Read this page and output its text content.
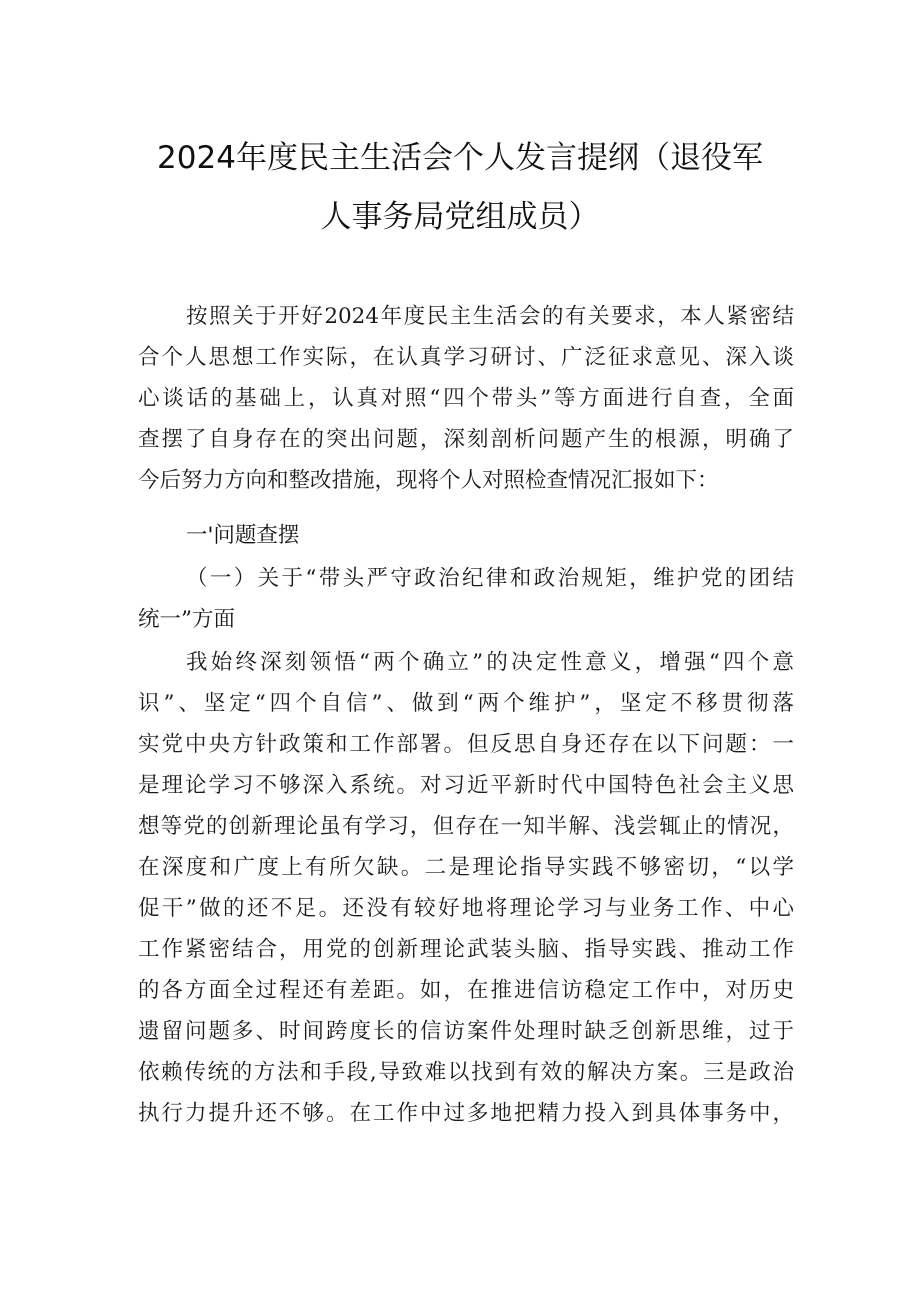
2024年度民主生活会个人发言提纲（退役军
人事务局党组成员）
按照关于开好2024年度民主生活会的有关要求，本人紧密结
合个人思想工作实际，在认真学习研讨、广泛征求意见、深入谈
心谈话的基础上，认真对照“四个带头”等方面进行自查，全面
查摆了自身存在的突出问题，深刻剖析问题产生的根源，明确了
今后努力方向和整改措施，现将个人对照检查情况汇报如下：
一'问题查摆
（一）关于“带头严守政治纪律和政治规矩，维护党的团结
统一”方面
我始终深刻领悟“两个确立”的决定性意义，增强“四个意
识”、坚定“四个自信”、做到“两个维护”，坚定不移贯彻落
实党中央方针政策和工作部署。但反思自身还存在以下问题：一
是理论学习不够深入系统。对习近平新时代中国特色社会主义思
想等党的创新理论虽有学习，但存在一知半解、浅尝辄止的情况，
在深度和广度上有所欠缺。二是理论指导实践不够密切，“以学
促干”做的还不足。还没有较好地将理论学习与业务工作、中心
工作紧密结合，用党的创新理论武装头脑、指导实践、推动工作
的各方面全过程还有差距。如，在推进信访稳定工作中，对历史
遗留问题多、时间跨度长的信访案件处理时缺乏创新思维，过于
依赖传统的方法和手段,导致难以找到有效的解决方案。三是政治
执行力提升还不够。在工作中过多地把精力投入到具体事务中，
